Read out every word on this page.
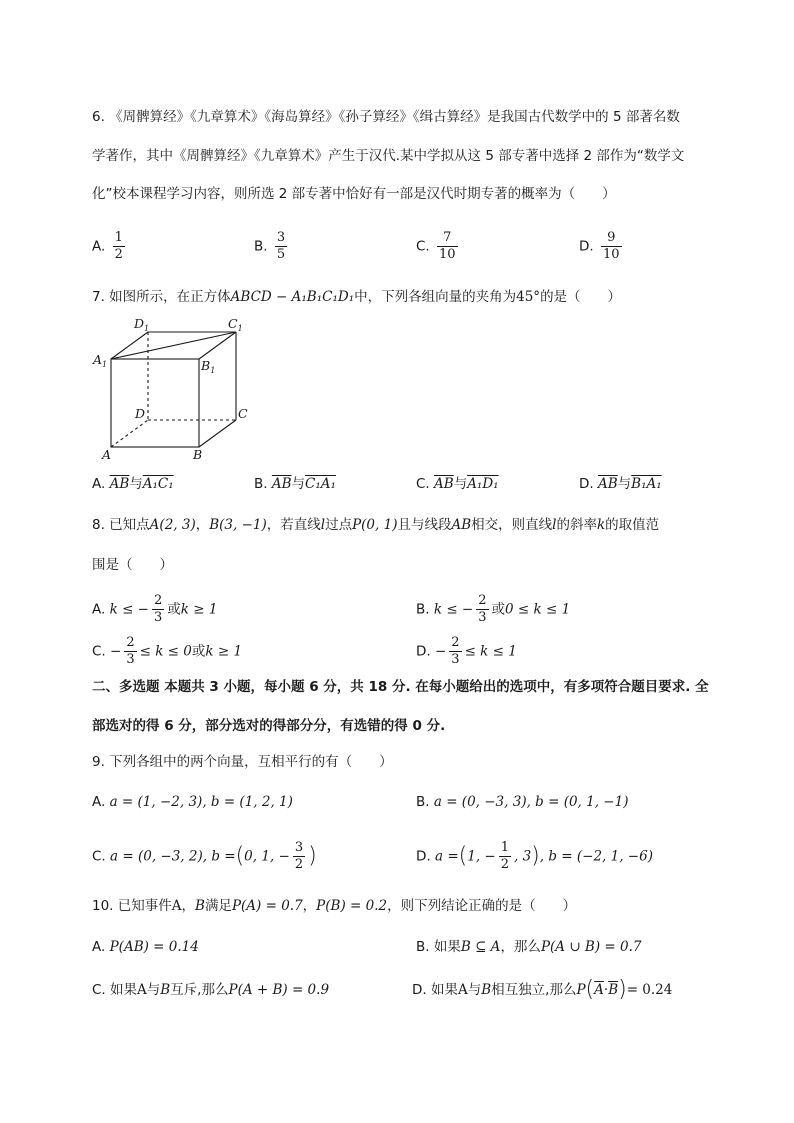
6. 《周髀算经》《九章算术》《海岛算经》《孙子算经》《缉古算经》是我国古代数学中的 5 部著名数
学著作，其中《周髀算经》《九章算术》产生于汉代.某中学拟从这 5 部专著中选择 2 部作为“数学文
化”校本课程学习内容，则所选 2 部专著中恰好有一部是汉代时期专著的概率为（　　）
A. $\frac{1}{2}$	B. $\frac{3}{5}$	C. $\frac{7}{10}$	D. $\frac{9}{10}$
7. 如图所示，在正方体ABCD − A₁B₁C₁D₁中，下列各组向量的夹角为45°的是（　　）
$D_1$	$C_1$
$A_1$	$B_1$
D	C
A	B
A. $\overline{AB}$与A₁C₁	B. $\overline{AB}$与C₁A₁	C. $\overline{AB}$与A₁D₁	D. $\overline{AB}$与B₁A₁
8. 已知点A(2, 3)，B(3, −1)，若直线l过点P(0, 1)且与线段AB相交，则直线l的斜率k的取值范
围是（　　）
A. k ≤ − $\frac{2}{3}$ 或k ≥ 1	B. k ≤ − $\frac{2}{3}$ 或0 ≤ k ≤ 1
C. − $\frac{2}{3} \le k \le 0$或k ≥ 1	D. − $\frac{2}{3} \le k \le 1$
二、多选题 本题共 3 小题，每小题 6 分，共 18 分. 在每小题给出的选项中，有多项符合题目要求. 全
部选对的得 6 分，部分选对的得部分分，有选错的得 0 分.
9. 下列各组中的两个向量，互相平行的有（　　）
A. a = (1, −2, 3), b = (1, 2, 1)	B. a = (0, −3, 3), b = (0, 1, −1)
C. a = (0, −3, 2), b =(0, 1, − $\frac{3}{2}$ )	D. a =(1, − $\frac{1}{2}$ , 3), b = (−2, 1, −6)
10. 已知事件A，B满足P(A) = 0.7，P(B) = 0.2，则下列结论正确的是（　　）
A. P(AB) = 0.14	B. 如果B ⊆ A，那么P(A ∪ B) = 0.7
C. 如果A与B互斥,那么P(A + B) = 0.9	D. 如果A与B相互独立,那么$P(\overline{A}\cdot\overline{B})= 0.24$
